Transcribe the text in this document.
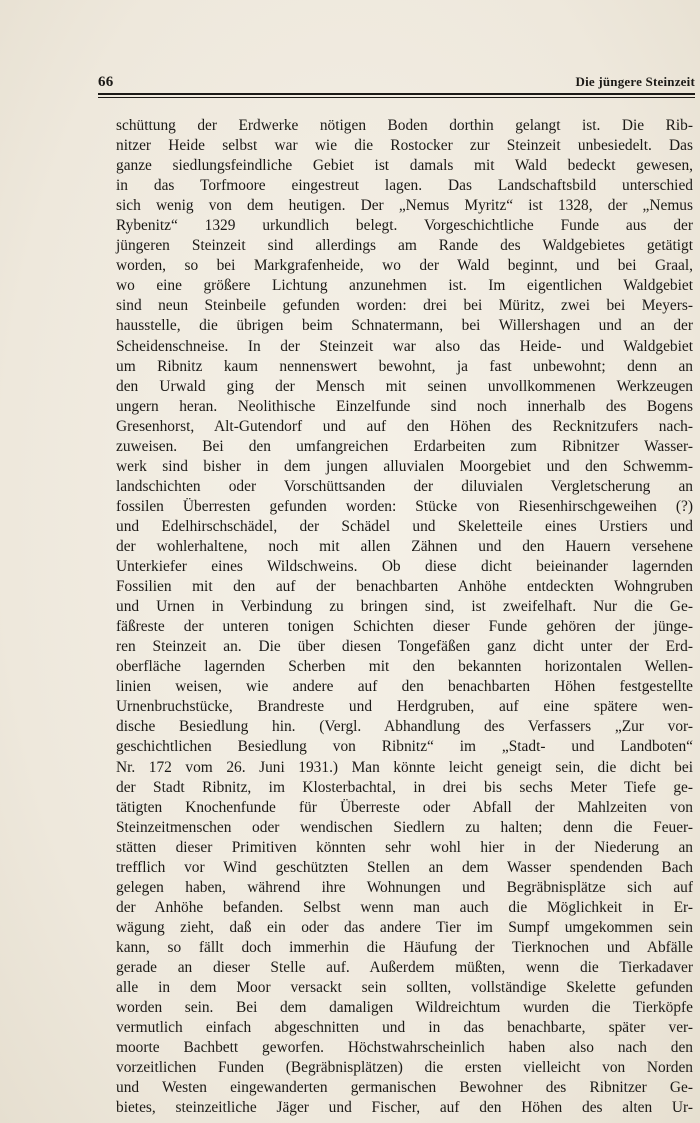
66	Die jüngere Steinzeit
schüttung der Erdwerke nötigen Boden dorthin gelangt ist. Die Rib-
nitzer Heide selbst war wie die Rostocker zur Steinzeit unbesiedelt. Das
ganze siedlungsfeindliche Gebiet ist damals mit Wald bedeckt gewesen,
in das Torfmoore eingestreut lagen. Das Landschaftsbild unterschied
sich wenig von dem heutigen. Der „Nemus Myritz“ ist 1328, der „Nemus
Rybenitz“ 1329 urkundlich belegt. Vorgeschichtliche Funde aus der
jüngeren Steinzeit sind allerdings am Rande des Waldgebietes getätigt
worden, so bei Markgrafenheide, wo der Wald beginnt, und bei Graal,
wo eine größere Lichtung anzunehmen ist. Im eigentlichen Waldgebiet
sind neun Steinbeile gefunden worden: drei bei Müritz, zwei bei Meyers-
hausstelle, die übrigen beim Schnatermann, bei Willershagen und an der
Scheidenschneise. In der Steinzeit war also das Heide- und Waldgebiet
um Ribnitz kaum nennenswert bewohnt, ja fast unbewohnt; denn an
den Urwald ging der Mensch mit seinen unvollkommenen Werkzeugen
ungern heran. Neolithische Einzelfunde sind noch innerhalb des Bogens
Gresenhorst, Alt-Gutendorf und auf den Höhen des Recknitzufers nach-
zuweisen. Bei den umfangreichen Erdarbeiten zum Ribnitzer Wasser-
werk sind bisher in dem jungen alluvialen Moorgebiet und den Schwemm-
landschichten oder Vorschüttsanden der diluvialen Vergletscherung an
fossilen Überresten gefunden worden: Stücke von Riesenhirschgeweihen (?)
und Edelhirschschädel, der Schädel und Skeletteile eines Urstiers und
der wohlerhaltene, noch mit allen Zähnen und den Hauern versehene
Unterkiefer eines Wildschweins. Ob diese dicht beieinander lagernden
Fossilien mit den auf der benachbarten Anhöhe entdeckten Wohngruben
und Urnen in Verbindung zu bringen sind, ist zweifelhaft. Nur die Ge-
fäßreste der unteren tonigen Schichten dieser Funde gehören der jünge-
ren Steinzeit an. Die über diesen Tongefäßen ganz dicht unter der Erd-
oberfläche lagernden Scherben mit den bekannten horizontalen Wellen-
linien weisen, wie andere auf den benachbarten Höhen festgestellte
Urnenbruchstücke, Brandreste und Herdgruben, auf eine spätere wen-
dische Besiedlung hin. (Vergl. Abhandlung des Verfassers „Zur vor-
geschichtlichen Besiedlung von Ribnitz“ im „Stadt- und Landboten“
Nr. 172 vom 26. Juni 1931.) Man könnte leicht geneigt sein, die dicht bei
der Stadt Ribnitz, im Klosterbachtal, in drei bis sechs Meter Tiefe ge-
tätigten Knochenfunde für Überreste oder Abfall der Mahlzeiten von
Steinzeitmenschen oder wendischen Siedlern zu halten; denn die Feuer-
stätten dieser Primitiven könnten sehr wohl hier in der Niederung an
trefflich vor Wind geschützten Stellen an dem Wasser spendenden Bach
gelegen haben, während ihre Wohnungen und Begräbnisplätze sich auf
der Anhöhe befanden. Selbst wenn man auch die Möglichkeit in Er-
wägung zieht, daß ein oder das andere Tier im Sumpf umgekommen sein
kann, so fällt doch immerhin die Häufung der Tierknochen und Abfälle
gerade an dieser Stelle auf. Außerdem müßten, wenn die Tierkadaver
alle in dem Moor versackt sein sollten, vollständige Skelette gefunden
worden sein. Bei dem damaligen Wildreichtum wurden die Tierköpfe
vermutlich einfach abgeschnitten und in das benachbarte, später ver-
moorte Bachbett geworfen. Höchstwahrscheinlich haben also nach den
vorzeitlichen Funden (Begräbnisplätzen) die ersten vielleicht von Norden
und Westen eingewanderten germanischen Bewohner des Ribnitzer Ge-
bietes, steinzeitliche Jäger und Fischer, auf den Höhen des alten Ur-
